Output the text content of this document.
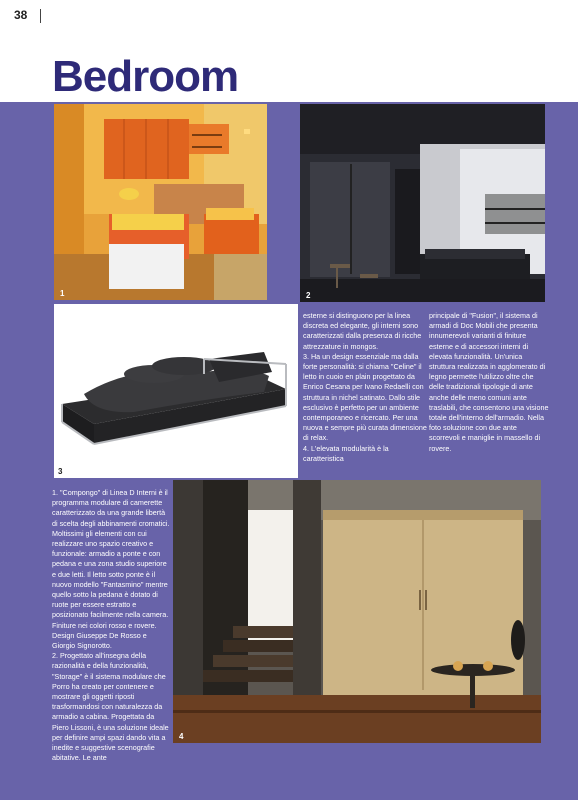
38
Bedroom
1	2
3
4

esterne si distinguono per la linea discreta ed elegante, gli interni sono caratterizzati dalla presenza di ricche attrezzature in mongos.

3. Ha un design essenziale ma dalla forte personalità: si chiama "Celine" il letto in cuoio en plain progettato da Enrico Cesana per Ivano Redaelli con struttura in nichel satinato. Dallo stile esclusivo è perfetto per un ambiente contemporaneo e ricercato. Per una nuova e sempre più curata dimensione di relax.

4. L'elevata modularità è la caratteristica

principale di "Fusion", il sistema di armadi di Doc Mobili che presenta innumerevoli varianti di finiture esterne e di accessori interni di elevata funzionalità. Un'unica struttura realizzata in agglomerato di legno permette l'utilizzo oltre che delle tradizionali tipologie di ante anche delle meno comuni ante traslabili, che consentono una visione totale dell'interno dell'armadio. Nella foto soluzione con due ante scorrevoli e maniglie in massello di rovere.

1. "Compongo" di Linea D Interni è il programma modulare di camerette caratterizzato da una grande libertà di scelta degli abbinamenti cromatici. Moltissimi gli elementi con cui realizzare uno spazio creativo e funzionale: armadio a ponte e con pedana e una zona studio superiore e due letti. Il letto sotto ponte è il nuovo modello "Fantasmino" mentre quello sotto la pedana è dotato di ruote per essere estratto e posizionato facilmente nella camera. Finiture nei colori rosso e rovere. Design Giuseppe De Rosso e Giorgio Signorotto.

2. Progettato all'insegna della razionalità e della funzionalità, "Storage" è il sistema modulare che Porro ha creato per contenere e mostrare gli oggetti riposti trasformandosi con naturalezza da armadio a cabina. Progettata da Piero Lissoni, è una soluzione ideale per definire ampi spazi dando vita a inedite e suggestive scenografie abitative. Le ante
